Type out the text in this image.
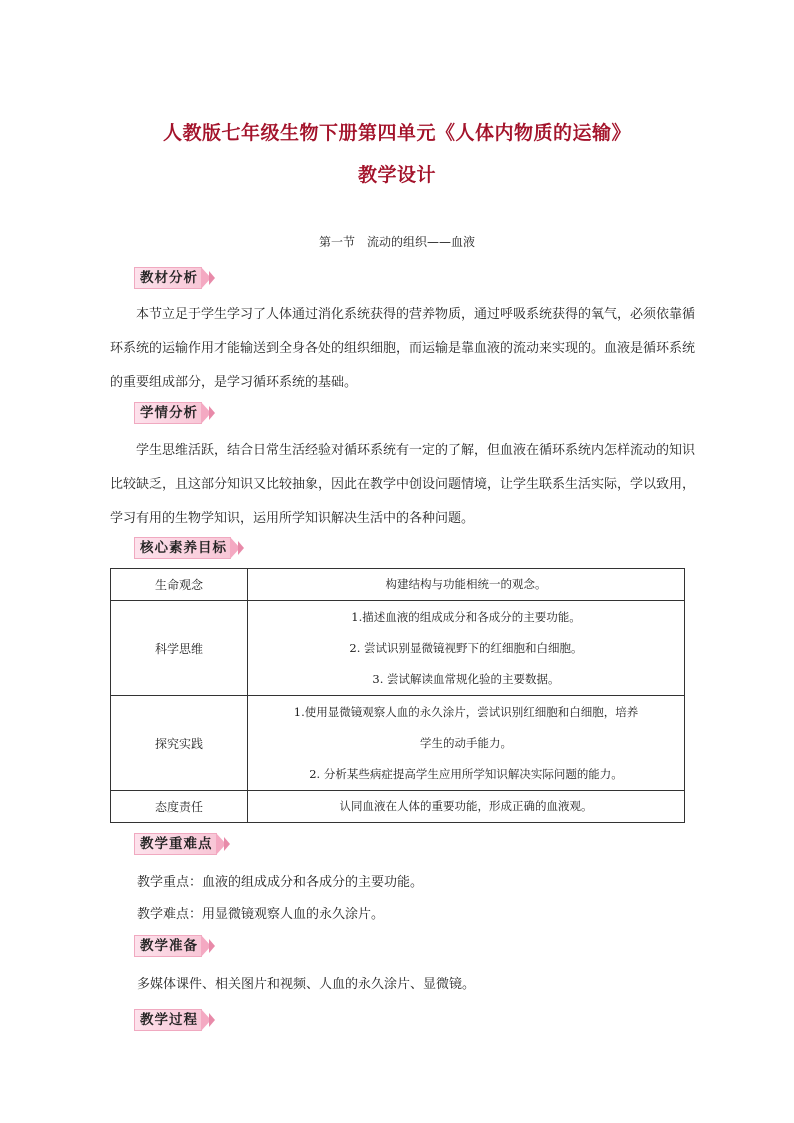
人教版七年级生物下册第四单元《人体内物质的运输》
教学设计
第一节　流动的组织——血液
教材分析
本节立足于学生学习了人体通过消化系统获得的营养物质，通过呼吸系统获得的氧气，必须依靠循环系统的运输作用才能输送到全身各处的组织细胞，而运输是靠血液的流动来实现的。血液是循环系统的重要组成部分，是学习循环系统的基础。
学情分析
学生思维活跃，结合日常生活经验对循环系统有一定的了解，但血液在循环系统内怎样流动的知识比较缺乏，且这部分知识又比较抽象，因此在教学中创设问题情境，让学生联系生活实际，学以致用，学习有用的生物学知识，运用所学知识解决生活中的各种问题。
核心素养目标
生命观念	构建结构与功能相统一的观念。

科学思维	1.描述血液的组成成分和各成分的主要功能。
2. 尝试识别显微镜视野下的红细胞和白细胞。
3. 尝试解读血常规化验的主要数据。

探究实践	1.使用显微镜观察人血的永久涂片，尝试识别红细胞和白细胞，培养
学生的动手能力。
2. 分析某些病症提高学生应用所学知识解决实际问题的能力。

态度责任	认同血液在人体的重要功能，形成正确的血液观。
教学重难点
教学重点：血液的组成成分和各成分的主要功能。
教学难点：用显微镜观察人血的永久涂片。
教学准备
多媒体课件、相关图片和视频、人血的永久涂片、显微镜。
教学过程
